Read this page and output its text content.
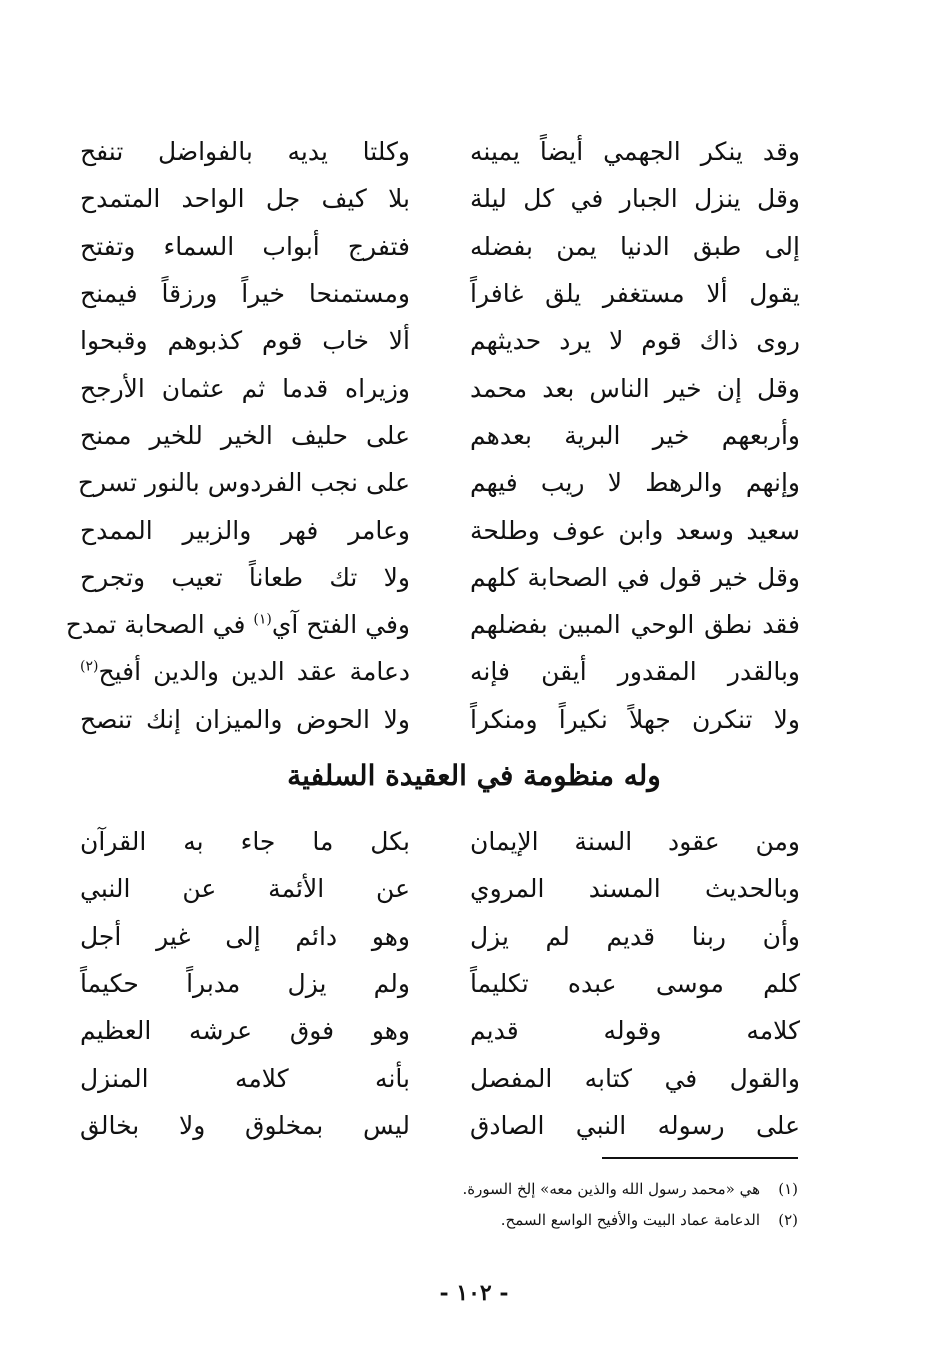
وقد ينكر الجهمي أيضاً يمينه
وكلتا يديه بالفواضل تنفح
وقل ينزل الجبار في كل ليلة
بلا كيف جل الواحد المتمدح
إلى طبق الدنيا يمن بفضله
فتفرج أبواب السماء وتفتح
يقول ألا مستغفر يلق غافراً
ومستمنحا خيراً ورزقاً فيمنح
روى ذاك قوم لا يرد حديثهم
ألا خاب قوم كذبوهم وقبحوا
وقل إن خير الناس بعد محمد
وزيراه قدما ثم عثمان الأرجح
وأربعهم خير البرية بعدهم
على حليف الخير للخير ممنح
وإنهم والرهط لا ريب فيهم
على نجب الفردوس بالنور تسرح
سعيد وسعد وابن عوف وطلحة
وعامر فهر والزبير الممدح
وقل خير قول في الصحابة كلهم
ولا تك طعاناً تعيب وتجرح
فقد نطق الوحي المبين بفضلهم
وفي الفتح آي$^{(١)}$ في الصحابة تمدح
وبالقدر المقدور أيقن فإنه
دعامة عقد الدين والدين أفيح$^{(٢)}$
ولا تنكرن جهلاً نكيراً ومنكراً
ولا الحوض والميزان إنك تنصح
وله منظومة في العقيدة السلفية
ومن عقود السنة الإيمان
بكل ما جاء به القرآن
وبالحديث المسند المروي
عن الأئمة عن النبي
وأن ربنا قديم لم يزل
وهو دائم إلى غير أجل
كلم موسى عبده تكليماً
ولم يزل مدبراً حكيماً
كلامه وقوله قديم
وهو فوق عرشه العظيم
والقول في كتابه المفصل
بأنه كلامه المنزل
على رسوله النبي الصادق
ليس بمخلوق ولا بخالق
(١)هي «محمد رسول الله والذين معه» إلخ السورة.
(٢)الدعامة عماد البيت والأفيح الواسع السمح.
- ١٠٢ -
